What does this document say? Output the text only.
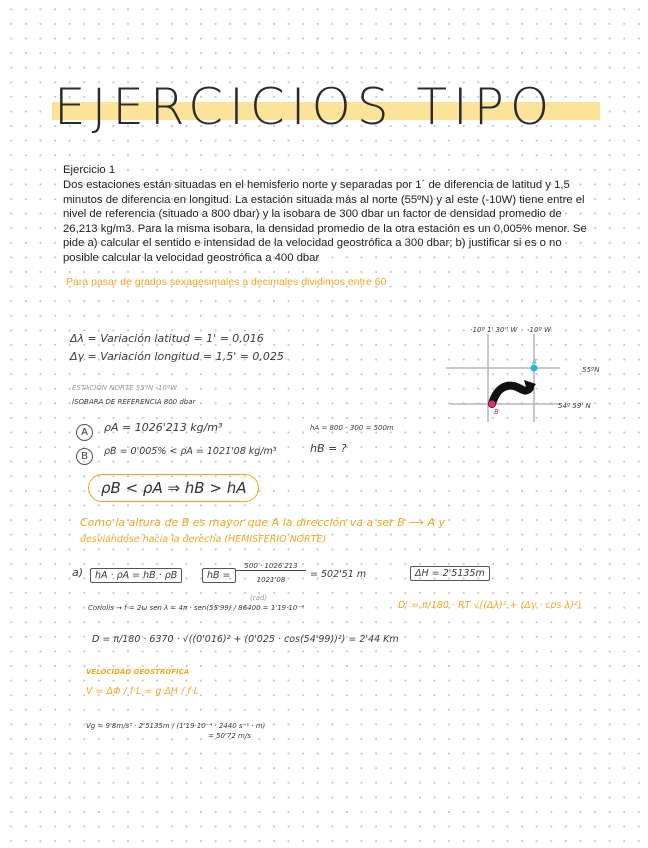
EJERCICIOS TIPO
Ejercicio 1
Dos estaciones están situadas en el hemisferio norte y separadas por 1´ de diferencia de latitud y 1,5 minutos de diferencia en longitud. La estación situada más al norte (55ºN) y al este (-10W) tiene entre el nivel de referencia (situado a 800 dbar) y la isobara de 300 dbar un factor de densidad promedio de 26,213 kg/m3. Para la misma isobara, la densidad promedio de la otra estación es un 0,005% menor. Se pide a) calcular el sentido e intensidad de la velocidad geostrófica a 300 dbar; b) justificar si es o no posible calcular la velocidad geostrófica a 400 dbar
Para pasar de grados sexagesimales a decimales dividimos entre 60
Δλ = Variación latitud = 1' = 0,016
Δγ = Variación longitud = 1,5' = 0,025
ESTACIÓN NORTE 55ºN -10ºW
ISOBARA DE REFERENCIA 800 dbar
A	ρA = 1026'213 kg/m³
B	ρB = 0'005% < ρA = 1021'08 kg/m³
hA = 800 - 300 = 500m
hB = ?
ρB < ρA ⇒ hB > hA
Como la altura de B es mayor que A la dirección va a ser B ⟶ A y
desviándose hacia la derecha (HEMISFERIO NORTE)
a)	hA · ρA = hB · ρB	hB =
500 · 1026'213
1021'08	= 502'51 m	ΔH = 2'5135m
Coriolis → f = 2ω sen λ = 4π · sen(55'99) / 86400 = 1'19·10⁻⁴
(rad)
D' = π/180 · RT √((Δλ)² + (Δγ · cos λ)²)
D = π/180 · 6370 · √((0'016)² + (0'025 · cos(54'99))²) = 2'44 Km
VELOCIDAD GEOSTRÓFICA
V = ΔΦ / f·L = g·ΔH / f·L
Vg = 9'8m/s² · 2'5135m / (1'19·10⁻⁴ · 2440 s⁻¹ · m)
= 50'72 m/s
-10º 1' 30'' W -10º W
55ºN
54º 59' N
A
B
